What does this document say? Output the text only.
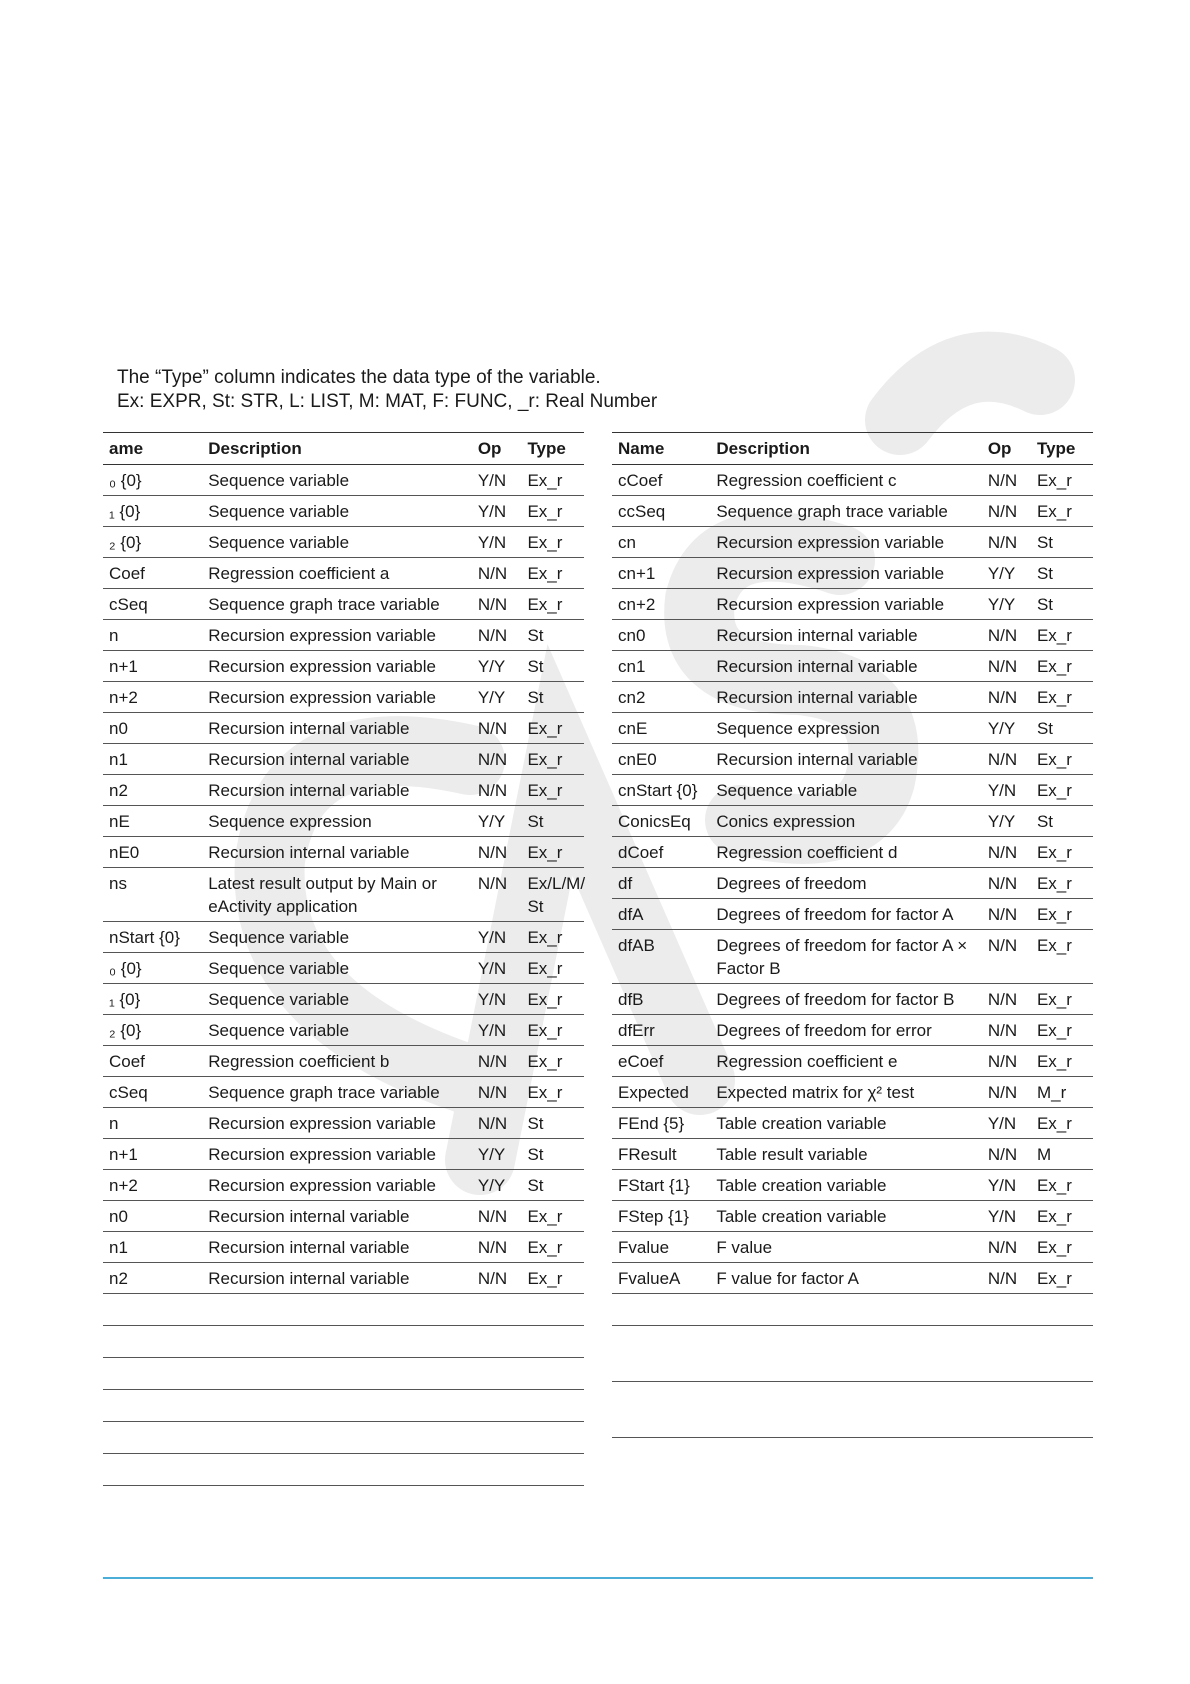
The “Type” column indicates the data type of the variable.
Ex: EXPR, St: STR, L: LIST, M: MAT, F: FUNC, _r: Real Number
ame	Description	Op	Type
₀ {0}	Sequence variable	Y/N	Ex_r
₁ {0}	Sequence variable	Y/N	Ex_r
₂ {0}	Sequence variable	Y/N	Ex_r
Coef	Regression coefficient a	N/N	Ex_r
cSeq	Sequence graph trace variable	N/N	Ex_r
n	Recursion expression variable	N/N	St
n+1	Recursion expression variable	Y/Y	St
n+2	Recursion expression variable	Y/Y	St
n0	Recursion internal variable	N/N	Ex_r
n1	Recursion internal variable	N/N	Ex_r
n2	Recursion internal variable	N/N	Ex_r
nE	Sequence expression	Y/Y	St
nE0	Recursion internal variable	N/N	Ex_r
ns	Latest result output by Main or eActivity application	N/N	Ex/L/M/ St
nStart {0}	Sequence variable	Y/N	Ex_r
₀ {0}	Sequence variable	Y/N	Ex_r
₁ {0}	Sequence variable	Y/N	Ex_r
₂ {0}	Sequence variable	Y/N	Ex_r
Coef	Regression coefficient b	N/N	Ex_r
cSeq	Sequence graph trace variable	N/N	Ex_r
n	Recursion expression variable	N/N	St
n+1	Recursion expression variable	Y/Y	St
n+2	Recursion expression variable	Y/Y	St
n0	Recursion internal variable	N/N	Ex_r
n1	Recursion internal variable	N/N	Ex_r
n2	Recursion internal variable	N/N	Ex_r

Name	Description	Op	Type
cCoef	Regression coefficient c	N/N	Ex_r
ccSeq	Sequence graph trace variable	N/N	Ex_r
cn	Recursion expression variable	N/N	St
cn+1	Recursion expression variable	Y/Y	St
cn+2	Recursion expression variable	Y/Y	St
cn0	Recursion internal variable	N/N	Ex_r
cn1	Recursion internal variable	N/N	Ex_r
cn2	Recursion internal variable	N/N	Ex_r
cnE	Sequence expression	Y/Y	St
cnE0	Recursion internal variable	N/N	Ex_r
cnStart {0}	Sequence variable	Y/N	Ex_r
ConicsEq	Conics expression	Y/Y	St
dCoef	Regression coefficient d	N/N	Ex_r
df	Degrees of freedom	N/N	Ex_r
dfA	Degrees of freedom for factor A	N/N	Ex_r
dfAB	Degrees of freedom for factor A × Factor B	N/N	Ex_r
dfB	Degrees of freedom for factor B	N/N	Ex_r
dfErr	Degrees of freedom for error	N/N	Ex_r
eCoef	Regression coefficient e	N/N	Ex_r
Expected	Expected matrix for χ² test	N/N	M_r
FEnd {5}	Table creation variable	Y/N	Ex_r
FResult	Table result variable	N/N	M
FStart {1}	Table creation variable	Y/N	Ex_r
FStep {1}	Table creation variable	Y/N	Ex_r
Fvalue	F value	N/N	Ex_r
FvalueA	F value for factor A	N/N	Ex_r
